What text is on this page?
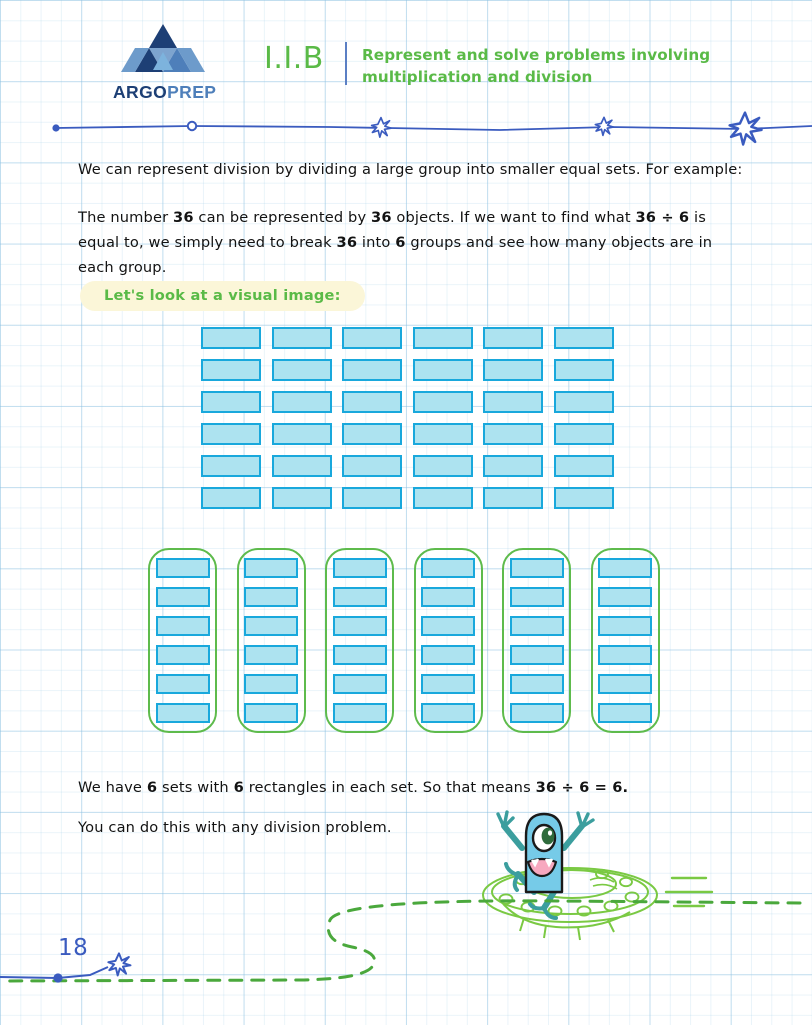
ARGOPREP
I.I.B	Represent and solve problems involving
multiplication and division
We can represent division by dividing a large group into smaller equal sets. For example:
The number 36 can be represented by 36 objects. If we want to find what 36 ÷ 6 is equal to, we simply need to break 36 into 6 groups and see how many objects are in each group.
Let's look at a visual image:
We have 6 sets with 6 rectangles in each set. So that means 36 ÷ 6 = 6.
You can do this with any division problem.
18
